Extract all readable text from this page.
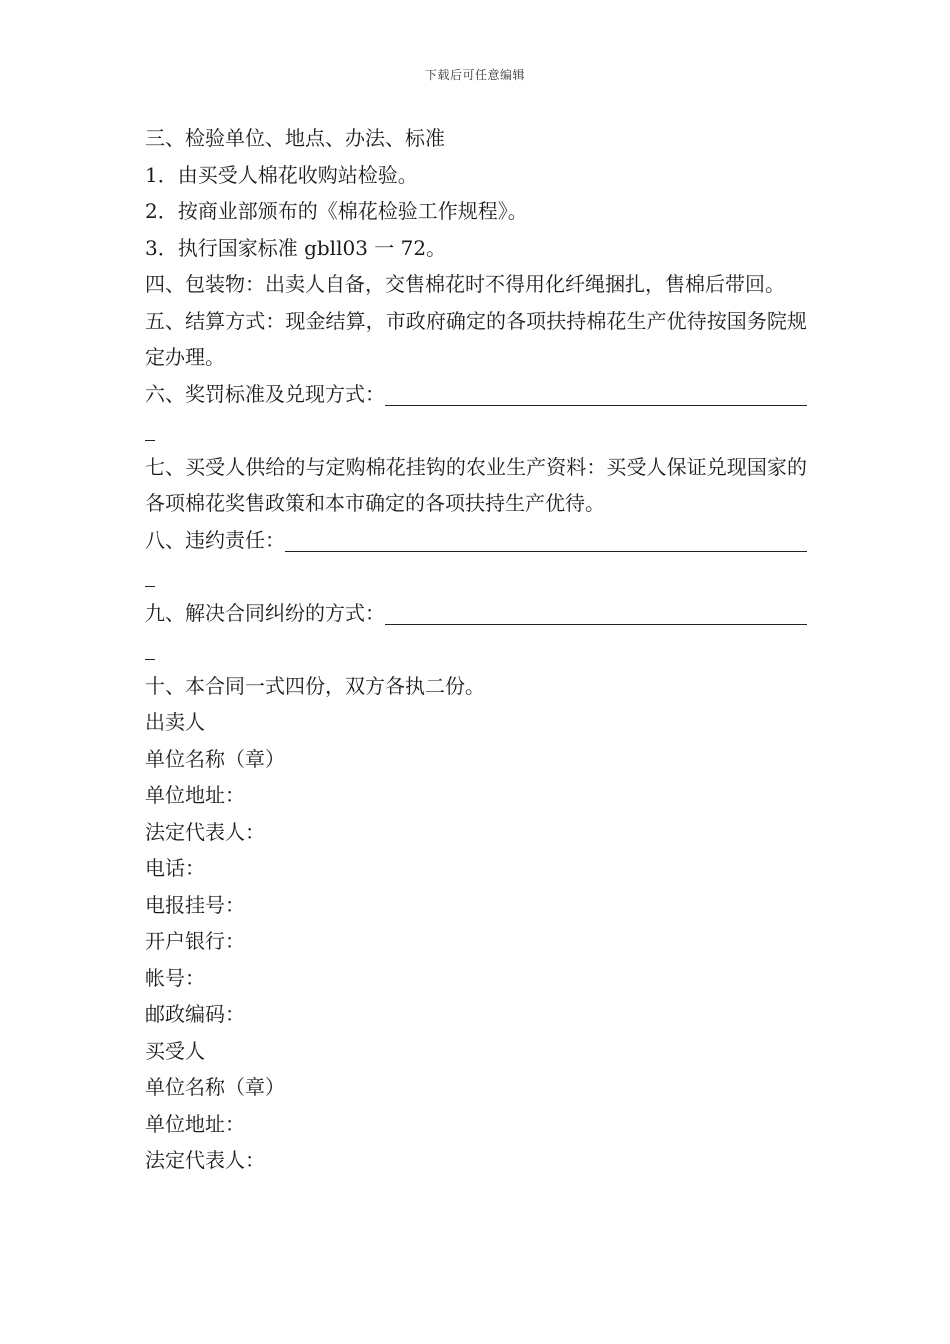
下载后可任意编辑

三、检验单位、地点、办法、标准

1．由买受人棉花收购站检验。

2．按商业部颁布的《棉花检验工作规程》。

3．执行国家标准 gbll03 一 72。

四、包装物：出卖人自备，交售棉花时不得用化纤绳捆扎，售棉后带回。

五、结算方式：现金结算，市政府确定的各项扶持棉花生产优待按国务院规定办理。

六、奖罚标准及兑现方式：

七、买受人供给的与定购棉花挂钩的农业生产资料：买受人保证兑现国家的各项棉花奖售政策和本市确定的各项扶持生产优待。

八、违约责任：
九、解决合同纠纷的方式：

十、本合同一式四份，双方各执二份。

出卖人

单位名称（章）

单位地址：

法定代表人：

电话：

电报挂号：

开户银行：

帐号：

邮政编码：

买受人

单位名称（章）

单位地址：

法定代表人：
